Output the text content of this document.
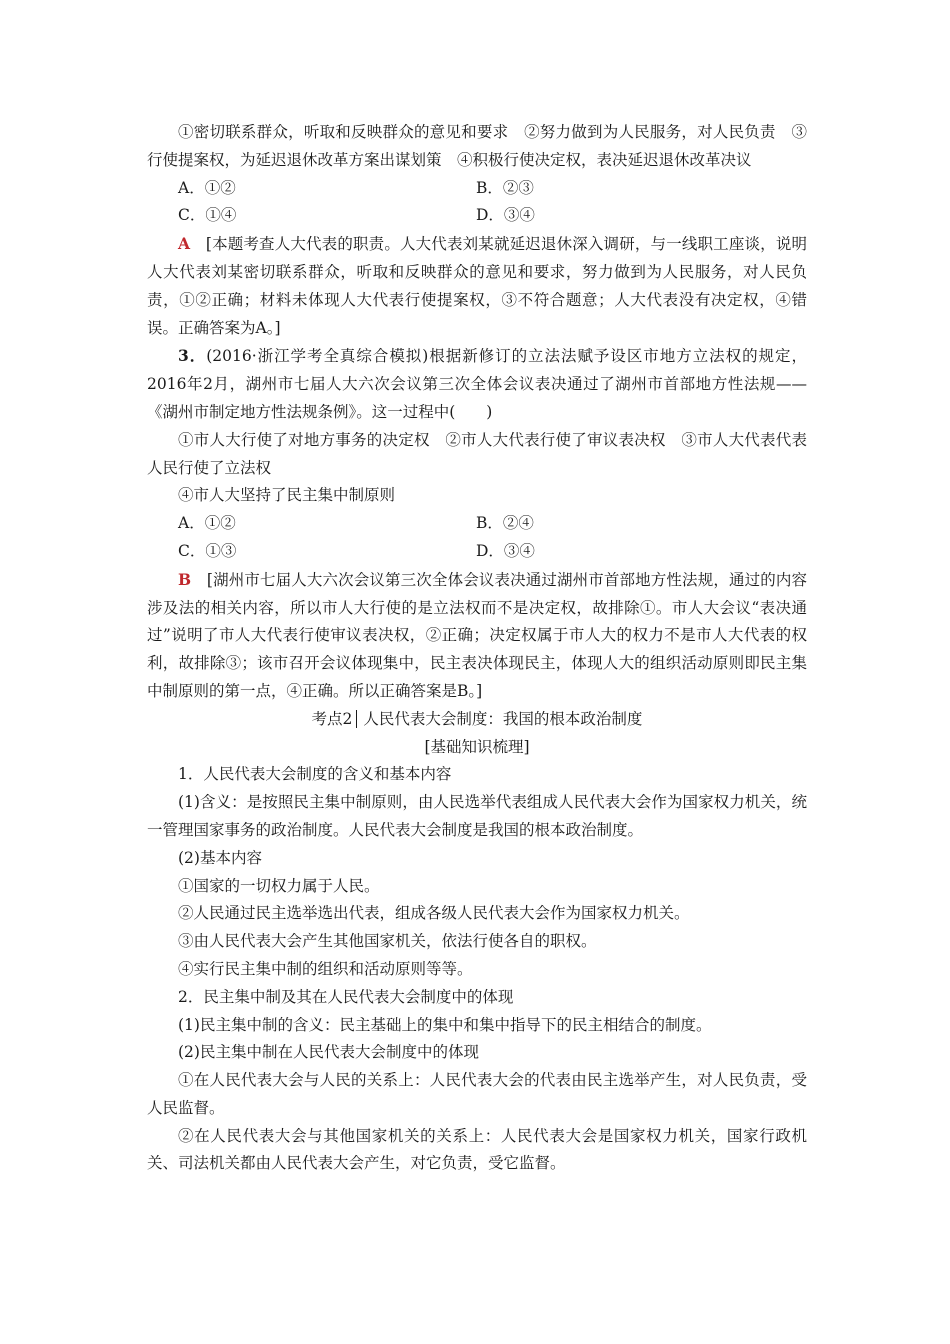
①密切联系群众，听取和反映群众的意见和要求　②努力做到为人民服务，对人民负责　③行使提案权，为延迟退休改革方案出谋划策　④积极行使决定权，表决延迟退休改革决议

A．①②	B．②③
C．①④	D．③④

A　 [本题考查人大代表的职责。人大代表刘某就延迟退休深入调研，与一线职工座谈，说明人大代表刘某密切联系群众，听取和反映群众的意见和要求，努力做到为人民服务，对人民负责，①②正确；材料未体现人大代表行使提案权，③不符合题意；人大代表没有决定权，④错误。正确答案为A。]

3．(2016·浙江学考全真综合模拟)根据新修订的立法法赋予设区市地方立法权的规定，2016年2月，湖州市七届人大六次会议第三次全体会议表决通过了湖州市首部地方性法规——《湖州市制定地方性法规条例》。这一过程中(　　)

①市人大行使了对地方事务的决定权　②市人大代表行使了审议表决权　③市人大代表代表人民行使了立法权

④市人大坚持了民主集中制原则

A．①②	B．②④
C．①③	D．③④

B　 [湖州市七届人大六次会议第三次全体会议表决通过湖州市首部地方性法规，通过的内容涉及法的相关内容，所以市人大行使的是立法权而不是决定权，故排除①。市人大会议“表决通过”说明了市人大代表行使审议表决权，②正确；决定权属于市人大的权力不是市人大代表的权利，故排除③；该市召开会议体现集中，民主表决体现民主，体现人大的组织活动原则即民主集中制原则的第一点，④正确。所以正确答案是B。]

考点2 人民代表大会制度：我国的根本政治制度

[基础知识梳理]

1．人民代表大会制度的含义和基本内容

(1)含义：是按照民主集中制原则，由人民选举代表组成人民代表大会作为国家权力机关，统一管理国家事务的政治制度。人民代表大会制度是我国的根本政治制度。

(2)基本内容

①国家的一切权力属于人民。

②人民通过民主选举选出代表，组成各级人民代表大会作为国家权力机关。

③由人民代表大会产生其他国家机关，依法行使各自的职权。

④实行民主集中制的组织和活动原则等等。

2．民主集中制及其在人民代表大会制度中的体现

(1)民主集中制的含义：民主基础上的集中和集中指导下的民主相结合的制度。

(2)民主集中制在人民代表大会制度中的体现

①在人民代表大会与人民的关系上：人民代表大会的代表由民主选举产生，对人民负责，受人民监督。

②在人民代表大会与其他国家机关的关系上：人民代表大会是国家权力机关，国家行政机关、司法机关都由人民代表大会产生，对它负责，受它监督。
